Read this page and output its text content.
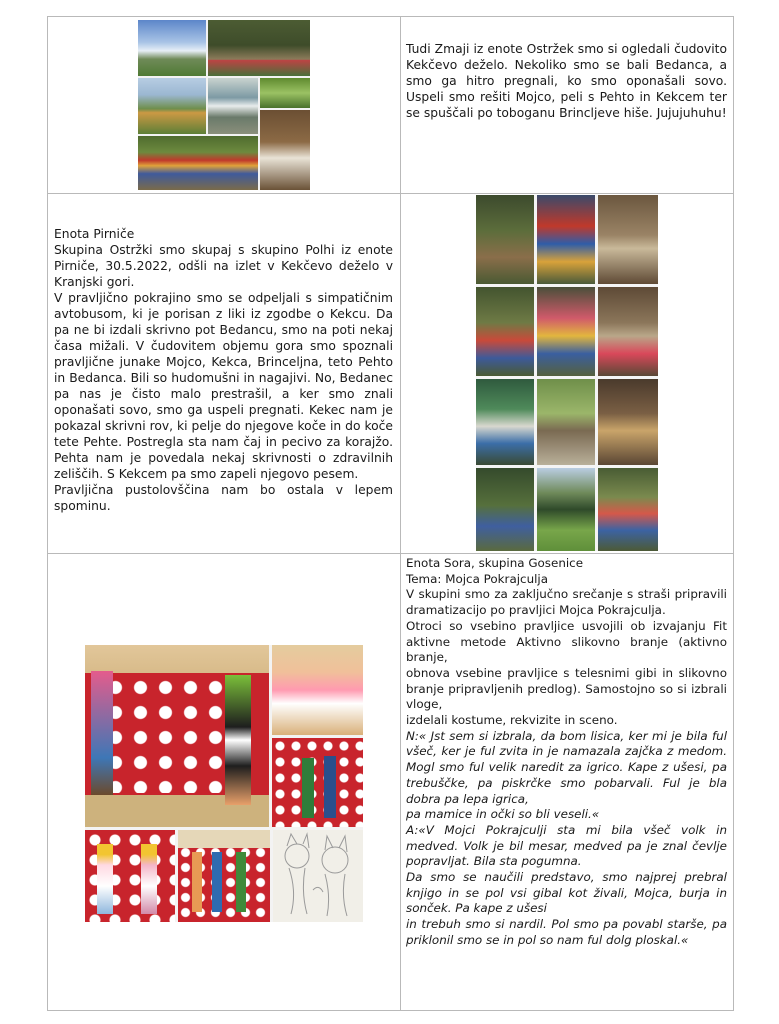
Tudi Zmaji iz enote Ostržek smo si ogledali čudovito Kekčevo deželo. Nekoliko smo se bali Bedanca, a smo ga hitro pregnali, ko smo oponašali sovo. Uspeli smo rešiti Mojco, peli s Pehto in Kekcem ter se spuščali po toboganu Brincljeve hiše. Jujujuhuhu!

Enota Pirniče

Skupina Ostržki smo skupaj s skupino Polhi iz enote Pirniče, 30.5.2022, odšli na izlet v Kekčevo deželo v Kranjski gori.

V pravljično pokrajino smo se odpeljali s simpatičnim avtobusom, ki je porisan z liki iz zgodbe o Kekcu. Da pa ne bi izdali skrivno pot Bedancu, smo na poti nekaj časa mižali. V čudovitem objemu gora smo spoznali pravljične junake Mojco, Kekca, Brinceljna, teto Pehto in Bedanca. Bili so hudomušni in nagajivi. No, Bedanec pa nas je čisto malo prestrašil, a ker smo znali oponašati sovo, smo ga uspeli pregnati. Kekec nam je pokazal skrivni rov, ki pelje do njegove koče in do koče tete Pehte. Postregla sta nam čaj in pecivo za korajžo. Pehta nam je povedala nekaj skrivnosti o zdravilnih zeliščih. S Kekcem pa smo zapeli njegovo pesem.

Pravljična pustolovščina nam bo ostala v lepem spominu.

Enota Sora, skupina Gosenice

Tema: Mojca Pokrajculja

V skupini smo za zaključno srečanje s straši pripravili dramatizacijo po pravljici Mojca Pokrajculja.

Otroci so vsebino pravljice usvojili ob izvajanju Fit aktivne metode Aktivno slikovno branje (aktivno branje,

obnova vsebine pravljice s telesnimi gibi in slikovno branje pripravljenih predlog). Samostojno so si izbrali vloge,

izdelali kostume, rekvizite in sceno.

N:« Jst sem si izbrala, da bom lisica, ker mi je bila ful všeč, ker je ful zvita in je namazala zajčka z medom. Mogl smo ful velik naredit za igrico. Kape z ušesi, pa trebuščke, pa piskrčke smo pobarvali. Ful je bla dobra pa lepa igrica,

pa mamice in očki so bli veseli.«

A:«V Mojci Pokrajculji sta mi bila všeč volk in medved. Volk je bil mesar, medved pa je znal čevlje popravljat. Bila sta pogumna.

Da smo se naučili predstavo, smo najprej prebral knjigo in se pol vsi gibal kot živali, Mojca, burja in sonček. Pa kape z ušesi

in trebuh smo si nardil. Pol smo pa povabl starše, pa priklonil smo se in pol so nam ful dolg ploskal.«
